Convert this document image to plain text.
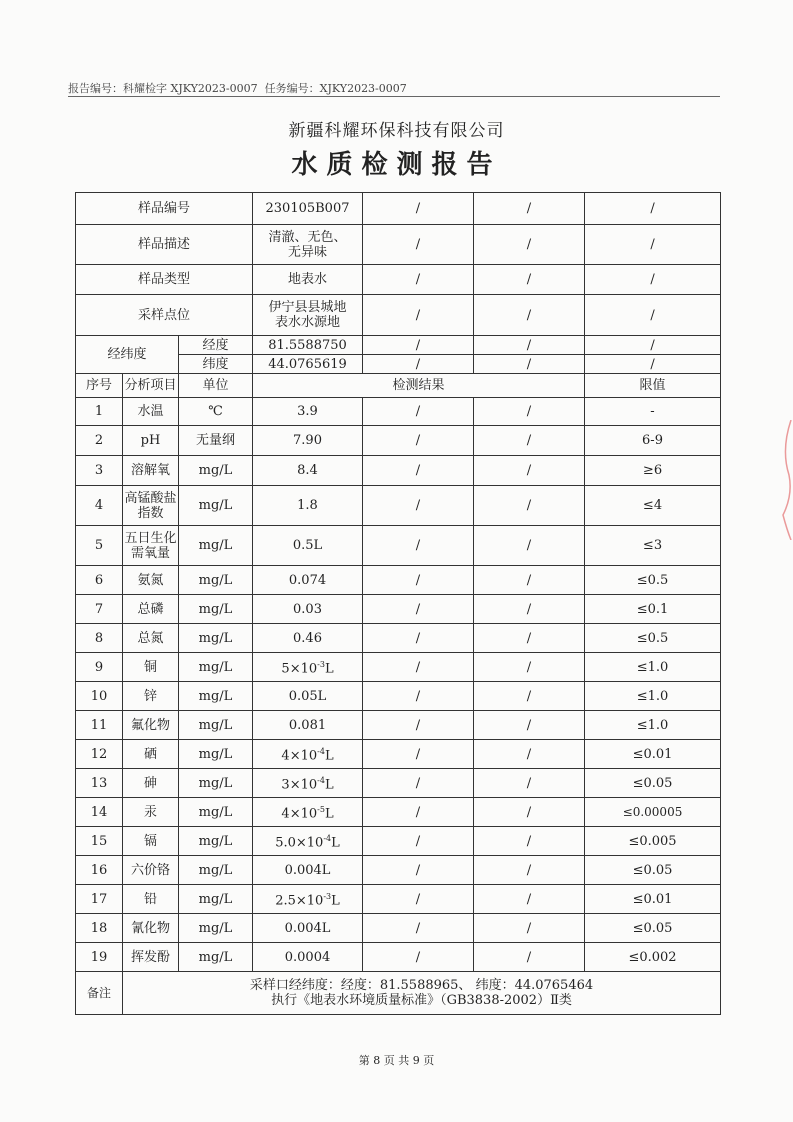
报告编号：科耀检字 XJKY2023-0007 任务编号：XJKY2023-0007
新疆科耀环保科技有限公司
水质检测报告
样品编号			230105B007	/	/	/
样品描述			清澈、无色、
无异味	/	/	/
样品类型			地表水	/	/	/
采样点位			伊宁县县城地
表水水源地	/	/	/
经纬度		经度	81.5588750	/	/	/
		纬度	44.0765619	/	/	/
序号	分析项目	单位	检测结果			限值
1	水温	℃	3.9	/	/	-
2	pH	无量纲	7.90	/	/	6-9
3	溶解氧	mg/L	8.4	/	/	≥6
4	高锰酸盐
指数	mg/L	1.8	/	/	≤4
5	五日生化
需氧量	mg/L	0.5L	/	/	≤3
6	氨氮	mg/L	0.074	/	/	≤0.5
7	总磷	mg/L	0.03	/	/	≤0.1
8	总氮	mg/L	0.46	/	/	≤0.5
9	铜	mg/L	$5\times 10^{-3}L$	/	/	≤1.0
10	锌	mg/L	0.05L	/	/	≤1.0
11	氟化物	mg/L	0.081	/	/	≤1.0
12	硒	mg/L	$4\times 10^{-4}L$	/	/	≤0.01
13	砷	mg/L	$3\times 10^{-4}L$	/	/	≤0.05
14	汞	mg/L	$4\times 10^{-5}L$	/	/	≤0.00005
15	镉	mg/L	$5.0\times 10^{-4}L$	/	/	≤0.005
16	六价铬	mg/L	0.004L	/	/	≤0.05
17	铅	mg/L	$2.5\times 10^{-3}L$	/	/	≤0.01
18	氰化物	mg/L	0.004L	/	/	≤0.05
19	挥发酚	mg/L	0.0004	/	/	≤0.002
备注	采样口经纬度：经度：81.5588965、 纬度：44.0765464
执行《地表水环境质量标准》（GB3838-2002）Ⅱ类					
第 8 页 共 9 页
